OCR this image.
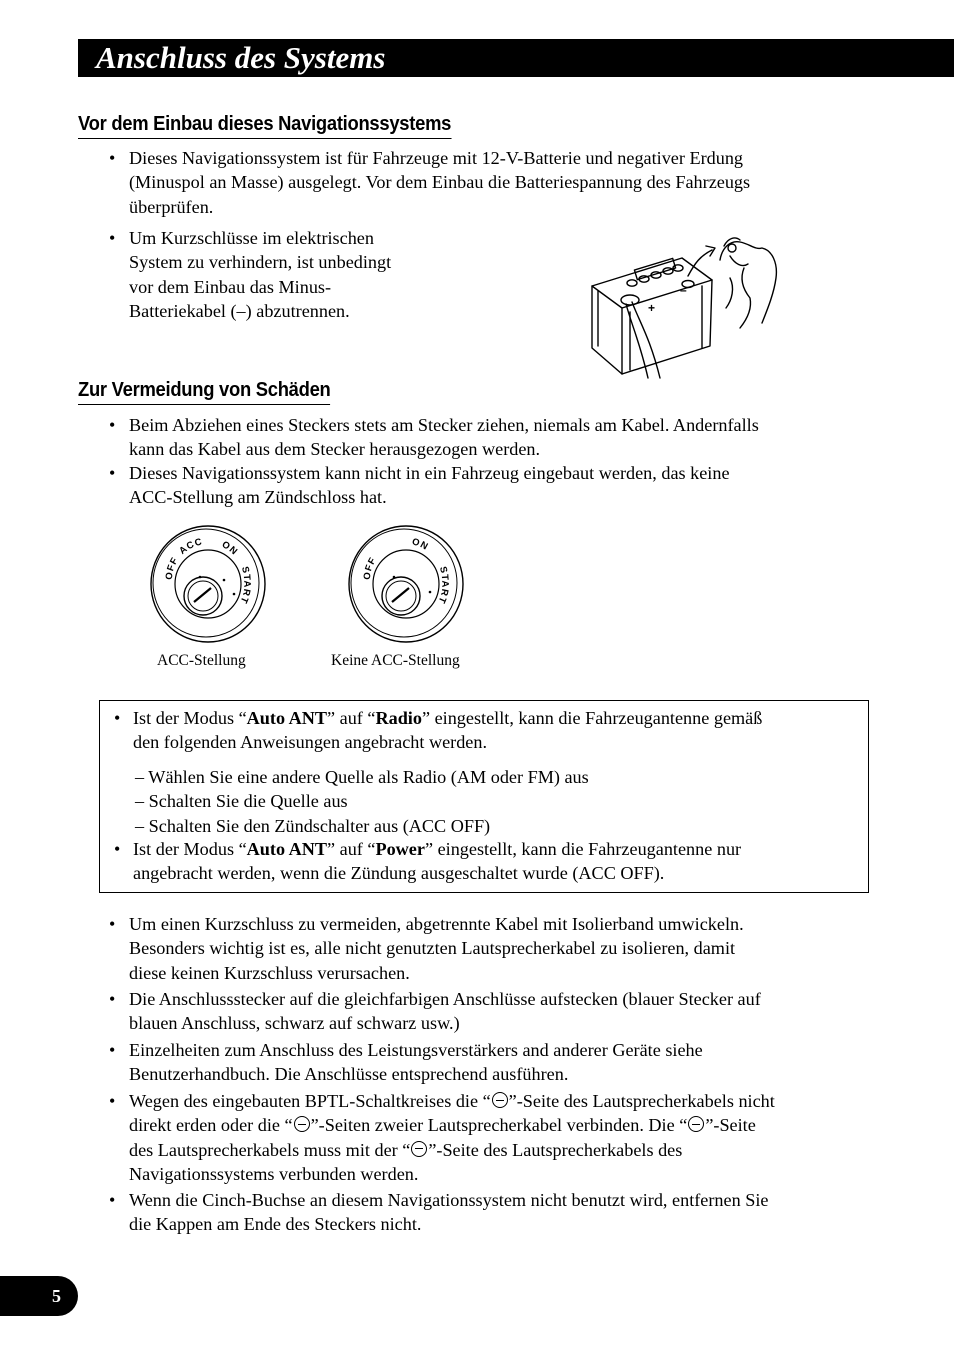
Anschluss des Systems
Vor dem Einbau dieses Navigationssystems
• Dieses Navigationssystem ist für Fahrzeuge mit 12-V-Batterie und negativer Erdung
(Minuspol an Masse) ausgelegt. Vor dem Einbau die Batteriespannung des Fahrzeugs
überprüfen.
• Um Kurzschlüsse im elektrischen
System zu verhindern, ist unbedingt
vor dem Einbau das Minus-
Batteriekabel (–) abzutrennen.	+
–
Zur Vermeidung von Schäden
• Beim Abziehen eines Steckers stets am Stecker ziehen, niemals am Kabel. Andernfalls
kann das Kabel aus dem Stecker herausgezogen werden.
• Dieses Navigationssystem kann nicht in ein Fahrzeug eingebaut werden, das keine
ACC-Stellung am Zündschloss hat.
OFF
ACC ON
START
ACC-Stellung
OFF
ON
START
Keine ACC-Stellung
• Ist der Modus “Auto ANT” auf “Radio” eingestellt, kann die Fahrzeugantenne gemäß
den folgenden Anweisungen angebracht werden.
– Wählen Sie eine andere Quelle als Radio (AM oder FM) aus
– Schalten Sie die Quelle aus
– Schalten Sie den Zündschalter aus (ACC OFF)
• Ist der Modus “Auto ANT” auf “Power” eingestellt, kann die Fahrzeugantenne nur
angebracht werden, wenn die Zündung ausgeschaltet wurde (ACC OFF).
• Um einen Kurzschluss zu vermeiden, abgetrennte Kabel mit Isolierband umwickeln.
Besonders wichtig ist es, alle nicht genutzten Lautsprecherkabel zu isolieren, damit
diese keinen Kurzschluss verursachen.
• Die Anschlussstecker auf die gleichfarbigen Anschlüsse aufstecken (blauer Stecker auf
blauen Anschluss, schwarz auf schwarz usw.)
• Einzelheiten zum Anschluss des Leistungsverstärkers and anderer Geräte siehe
Benutzerhandbuch. Die Anschlüsse entsprechend ausführen.
• Wegen des eingebauten BPTL-Schaltkreises die “ ”-Seite des Lautsprecherkabels nicht
direkt erden oder die “ ”-Seiten zweier Lautsprecherkabel verbinden. Die “ ”-Seite
des Lautsprecherkabels muss mit der “ ”-Seite des Lautsprecherkabels des
Navigationssystems verbunden werden.
• Wenn die Cinch-Buchse an diesem Navigationssystem nicht benutzt wird, entfernen Sie
die Kappen am Ende des Steckers nicht.
5
